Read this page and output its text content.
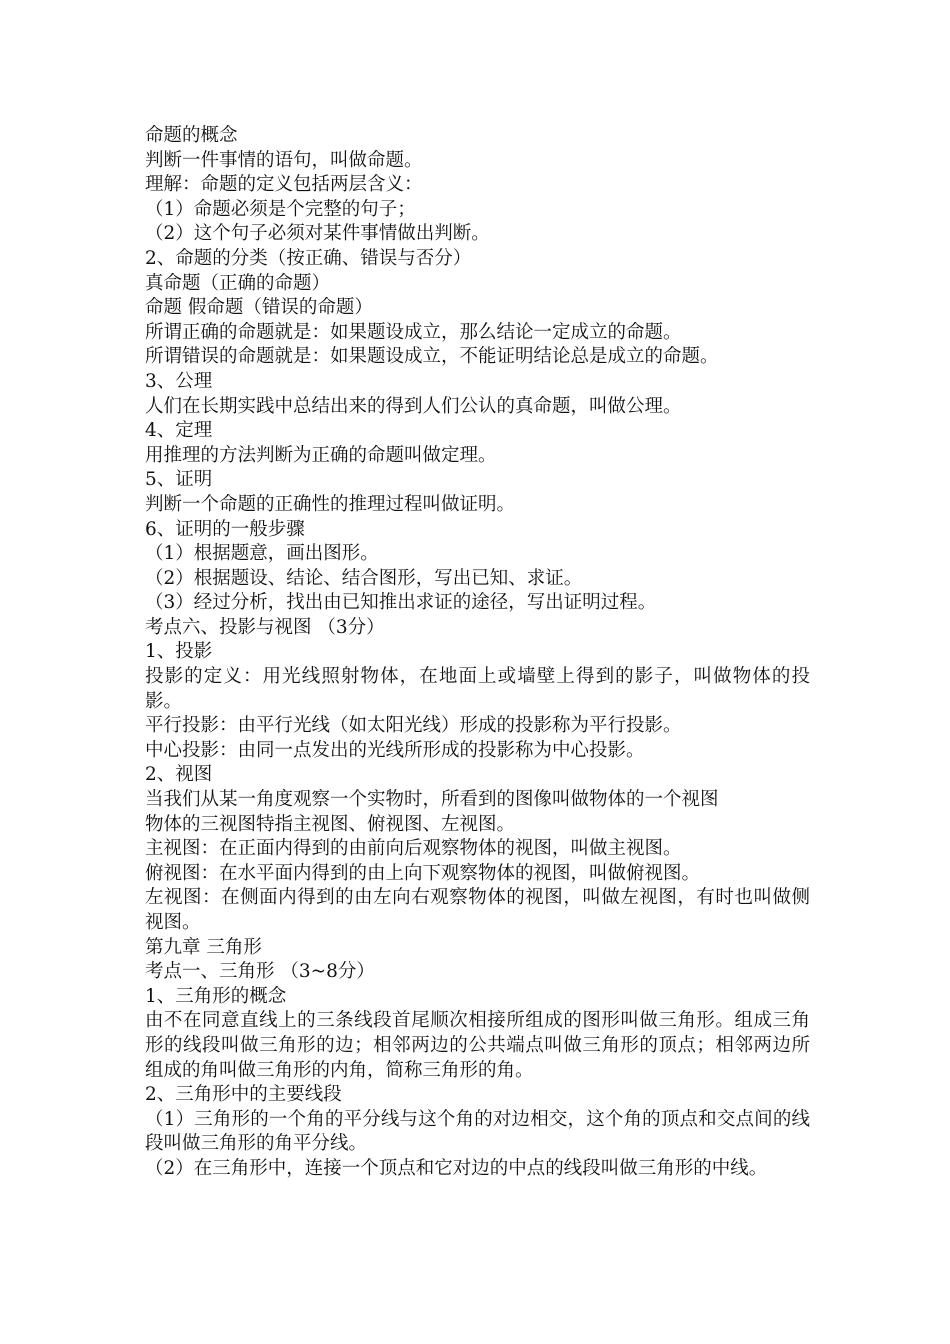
命题的概念
判断一件事情的语句，叫做命题。
理解：命题的定义包括两层含义：
（1）命题必须是个完整的句子；
（2）这个句子必须对某件事情做出判断。
2、命题的分类（按正确、错误与否分）
真命题（正确的命题）
命题 假命题（错误的命题）
所谓正确的命题就是：如果题设成立，那么结论一定成立的命题。
所谓错误的命题就是：如果题设成立，不能证明结论总是成立的命题。
3、公理
人们在长期实践中总结出来的得到人们公认的真命题，叫做公理。
4、定理
用推理的方法判断为正确的命题叫做定理。
5、证明
判断一个命题的正确性的推理过程叫做证明。
6、证明的一般步骤
（1）根据题意，画出图形。
（2）根据题设、结论、结合图形，写出已知、求证。
（3）经过分析，找出由已知推出求证的途径，写出证明过程。
考点六、投影与视图 （3分）
1、投影
投影的定义：用光线照射物体，在地面上或墙壁上得到的影子，叫做物体的投影。
平行投影：由平行光线（如太阳光线）形成的投影称为平行投影。
中心投影：由同一点发出的光线所形成的投影称为中心投影。
2、视图
当我们从某一角度观察一个实物时，所看到的图像叫做物体的一个视图
物体的三视图特指主视图、俯视图、左视图。
主视图：在正面内得到的由前向后观察物体的视图，叫做主视图。
俯视图：在水平面内得到的由上向下观察物体的视图，叫做俯视图。
左视图：在侧面内得到的由左向右观察物体的视图，叫做左视图，有时也叫做侧视图。
第九章 三角形
考点一、三角形 （3~8分）
1、三角形的概念
由不在同意直线上的三条线段首尾顺次相接所组成的图形叫做三角形。组成三角形的线段叫做三角形的边；相邻两边的公共端点叫做三角形的顶点；相邻两边所组成的角叫做三角形的内角，简称三角形的角。
2、三角形中的主要线段
（1）三角形的一个角的平分线与这个角的对边相交，这个角的顶点和交点间的线段叫做三角形的角平分线。
（2）在三角形中，连接一个顶点和它对边的中点的线段叫做三角形的中线。
